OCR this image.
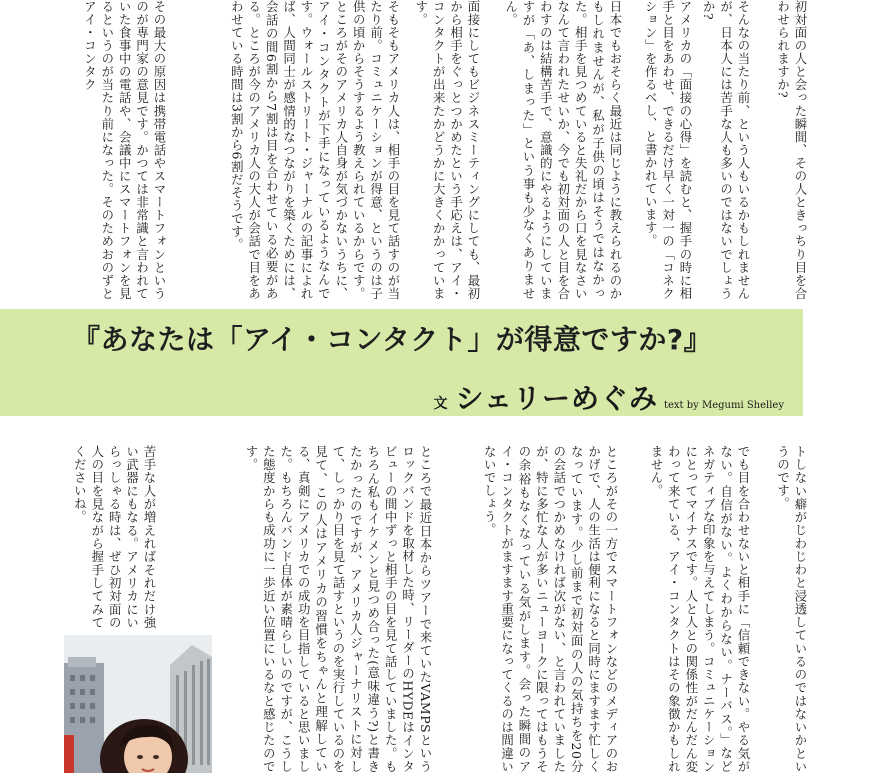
初対面の人と会った瞬間、その人ときっちり目を合わせられますか?

そんなの当たり前、という人もいるかもしれませんが、日本人には苦手な人も多いのではないでしょうか?

アメリカの「面接の心得」を読むと、握手の時に相手と目をあわせ、できるだけ早く一対一の「コネクション」を作るべし、と書かれています。

日本でもおそらく最近は同じように教えられるのかもしれませんが、私が子供の頃はそうではなかった。相手を見つめていると失礼だから口を見なさいなんて言われたせいか、今でも初対面の人と目を合わすのは結構苦手で、意識的にやるようにしていますが「あ、しまった」という事も少なくありません。

面接にしてもビジネスミーティングにしても、最初から相手をぐっとつかめたという手応えは、アイ・コンタクトが出来たかどうかに大きくかかっています。

そもそもアメリカ人は、相手の目を見て話すのが当たり前。コミュニケーションが得意、というのは子供の頃からそうするよう教えられているからです。ところがそのアメリカ人自身が気づかないうちに、アイ・コンタクトが下手になっているようなんです。ウォールストリート・ジャーナルの記事によれば、人間同士が感情的なつながりを築くためには、会話の間6割から7割は目を合わせている必要がある。ところが今のアメリカ人の大人が会話で目をあわせている時間は3割から6割だそうです。

その最大の原因は携帯電話やスマートフォンというのが専門家の意見です。かつては非常識と言われていた食事中の電話や、会議中にスマートフォンを見るというのが当たり前になった。そのためおのずとアイ・コンタク

『あなたは「アイ・コンタクト」が得意ですか?』
文 シェリーめぐみ text by Megumi Shelley

トしない癖がじわじわと浸透しているのではないかというのです。

でも目を合わせないと相手に「信頼できない。やる気がない。自信がない。よくわからない。ナーバス。」などネガティブな印象を与えてしまう。コミュニケーションにとってマイナスです。人と人との関係性がだんだん変わって来ている、アイ・コンタクトはその象徴かもしれません。

ところがその一方でスマートフォンなどのメディアのおかげで、人の生活は便利になると同時にますます忙しくなっています。少し前まで初対面の人の気持ちを20分の会話でつかめなければ次がない、と言われていましたが、特に多忙な人が多いニューヨークに限ってはもうその余裕もなくなっている気がします。会った瞬間のアイ・コンタクトがますます重要になってくるのは間違いないでしょう。

ところで最近日本からツアーで来ていたVAMPSというロックバンドを取材した時、リーダーのHYDEはインタビューの間中ずっと相手の目を見て話していました。もちろん私もイケメンと見つめ合った(意味違う?)と書きたかったのですが、アメリカ人ジャーナリストに対して、しっかり目を見て話すというのを実行しているのを見て、この人はアメリカの習慣をちゃんと理解している、真剣にアメリカでの成功を目指していると思いました。もちろんバンド自体が素晴らしいのですが、こうした態度からも成功に一歩近い位置にいるなと感じたのです。

苦手な人が増えればそれだけ強い武器にもなる。アメリカにいらっしゃる時は、ぜひ初対面の人の目を見ながら握手してみてくださいね。
